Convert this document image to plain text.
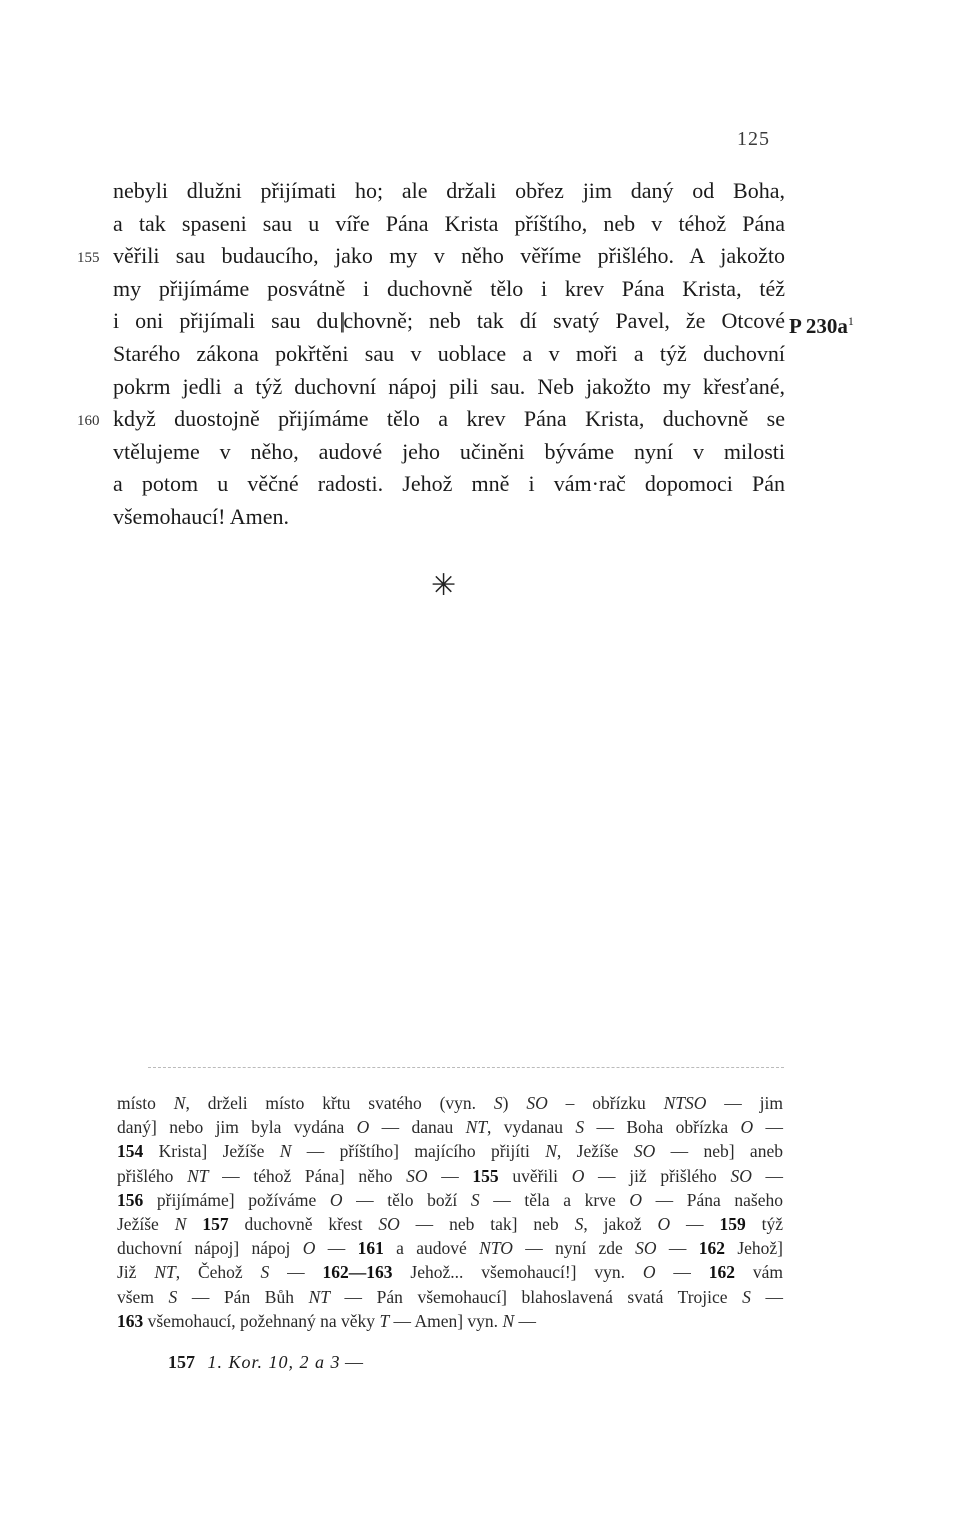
125
nebyli dlužni přijímati ho; ale držali obřez jim daný od Boha,
a tak spaseni sau u víře Pána Krista příštího, neb v téhož Pána
155 věřili sau budaucího, jako my v něho věříme přišlého. A jakožto
my přijímáme posvátně i duchovně tělo i krev Pána Krista, též
i oni přijímali sau du||chovně; neb tak dí svatý Pavel, že Otcové P $230a^1$
Starého zákona pokřtěni sau v uoblace a v moři a týž duchovní
pokrm jedli a týž duchovní nápoj pili sau. Neb jakožto my křesťané,
160 když duostojně přijímáme tělo a krev Pána Krista, duchovně se
vtělujeme v něho, audové jeho učiněni býváme nyní v milosti
a potom u věčné radosti. Jehož mně i vám·rač dopomoci Pán
všemohaucí! Amen.
✳
místo N, drželi místo křtu svatého (vyn. S) SO – obřízku NTSO — jim
daný] nebo jim byla vydána O — danau NT, vydanau S — Boha obřízka O —
154 Krista] Ježíše N — příštího] majícího přijíti N, Ježíše SO — neb] aneb
přišlého NT — téhož Pána] něho SO — 155 uvěřili O — již přišlého SO —
156 přijímáme] požíváme O — tělo boží S — těla a krve O — Pána našeho
Ježíše N 157 duchovně křest SO — neb tak] neb S, jakož O — 159 týž
duchovní nápoj] nápoj O — 161 a audové NTO — nyní zde SO — 162 Jehož]
Již NT, Čehož S — 162—163 Jehož... všemohaucí!] vyn. O — 162 vám
všem S — Pán Bůh NT — Pán všemohaucí] blahoslavená svatá Trojice S —
163 všemohaucí, požehnaný na věky T — Amen] vyn. N —
157 1. Kor. 10, 2 a 3 —
